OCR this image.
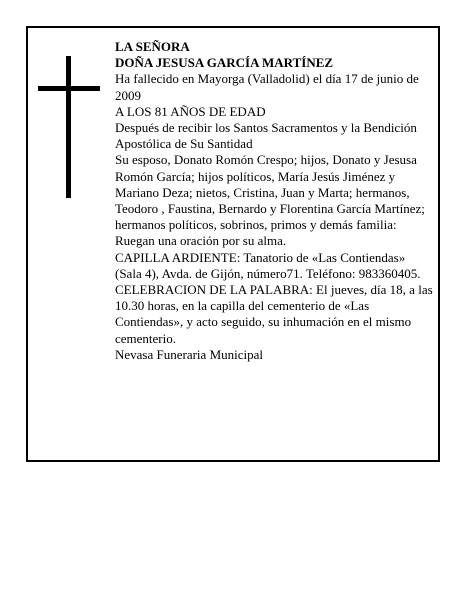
LA SEÑORA

DOÑA JESUSA GARCÍA MARTÍNEZ

Ha fallecido en Mayorga (Valladolid) el día 17 de junio de 2009

A LOS 81 AÑOS DE EDAD

Después de recibir los Santos Sacramentos y la Bendición Apostólica de Su Santidad

Su esposo, Donato Romón Crespo; hijos, Donato y Jesusa Romón García; hijos políticos, María Jesús Jiménez y Mariano Deza; nietos, Cristina, Juan y Marta; hermanos, Teodoro , Faustina, Bernardo y Florentina García Martínez; hermanos políticos, sobrinos, primos y demás familia:

Ruegan una oración por su alma.

CAPILLA ARDIENTE: Tanatorio de «Las Contiendas» (Sala 4), Avda. de Gijón, número71. Teléfono: 983360405.

CELEBRACION DE LA PALABRA: El jueves, día 18, a las 10.30 horas, en la capilla del cementerio de «Las Contiendas», y acto seguido, su inhumación en el mismo cementerio.

Nevasa Funeraria Municipal
